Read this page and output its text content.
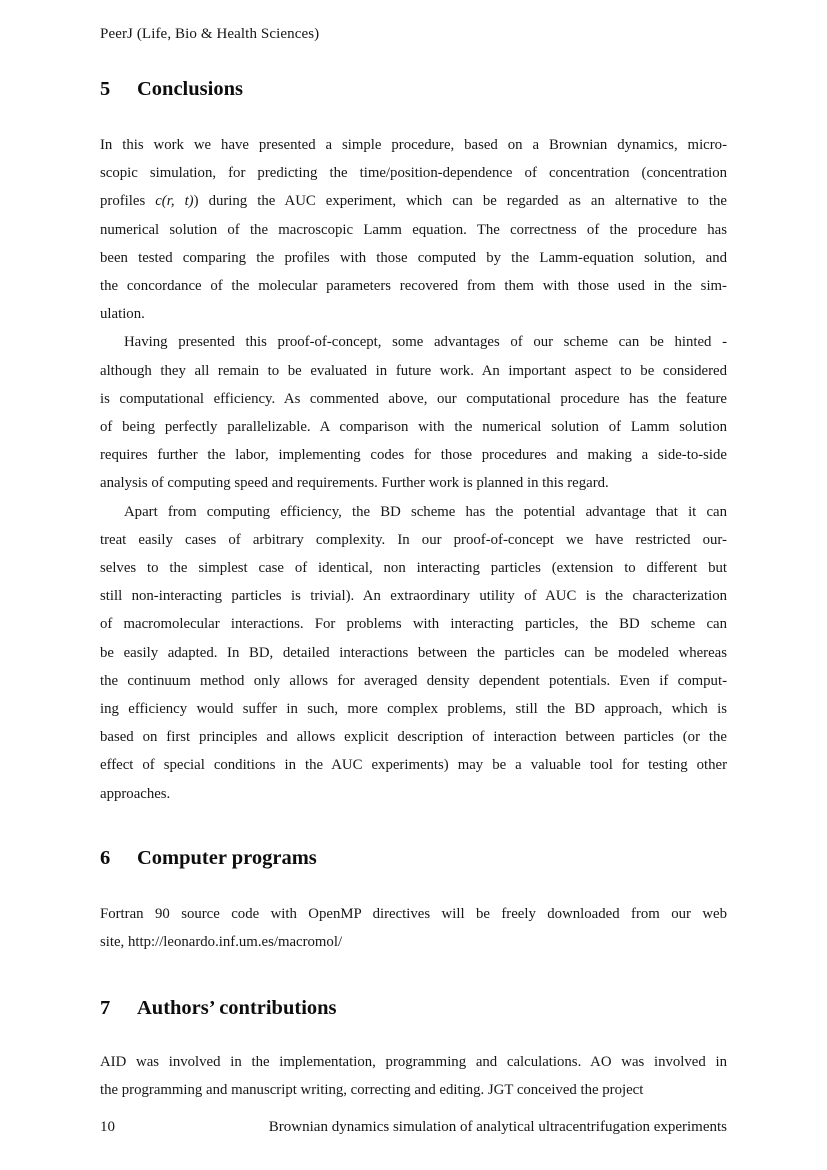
PeerJ (Life, Bio & Health Sciences)
5 Conclusions
In this work we have presented a simple procedure, based on a Brownian dynamics, micro-
scopic simulation, for predicting the time/position-dependence of concentration (concentration
profiles c(r, t)) during the AUC experiment, which can be regarded as an alternative to the
numerical solution of the macroscopic Lamm equation. The correctness of the procedure has
been tested comparing the profiles with those computed by the Lamm-equation solution, and
the concordance of the molecular parameters recovered from them with those used in the sim-
ulation.
Having presented this proof-of-concept, some advantages of our scheme can be hinted -
although they all remain to be evaluated in future work. An important aspect to be considered
is computational efficiency. As commented above, our computational procedure has the feature
of being perfectly parallelizable. A comparison with the numerical solution of Lamm solution
requires further the labor, implementing codes for those procedures and making a side-to-side
analysis of computing speed and requirements. Further work is planned in this regard.
Apart from computing efficiency, the BD scheme has the potential advantage that it can
treat easily cases of arbitrary complexity. In our proof-of-concept we have restricted our-
selves to the simplest case of identical, non interacting particles (extension to different but
still non-interacting particles is trivial). An extraordinary utility of AUC is the characterization
of macromolecular interactions. For problems with interacting particles, the BD scheme can
be easily adapted. In BD, detailed interactions between the particles can be modeled whereas
the continuum method only allows for averaged density dependent potentials. Even if comput-
ing efficiency would suffer in such, more complex problems, still the BD approach, which is
based on first principles and allows explicit description of interaction between particles (or the
effect of special conditions in the AUC experiments) may be a valuable tool for testing other
approaches.
6 Computer programs
Fortran 90 source code with OpenMP directives will be freely downloaded from our web
site, http://leonardo.inf.um.es/macromol/
7 Authors’ contributions
AID was involved in the implementation, programming and calculations. AO was involved in
the programming and manuscript writing, correcting and editing. JGT conceived the project
10	Brownian dynamics simulation of analytical ultracentrifugation experiments
